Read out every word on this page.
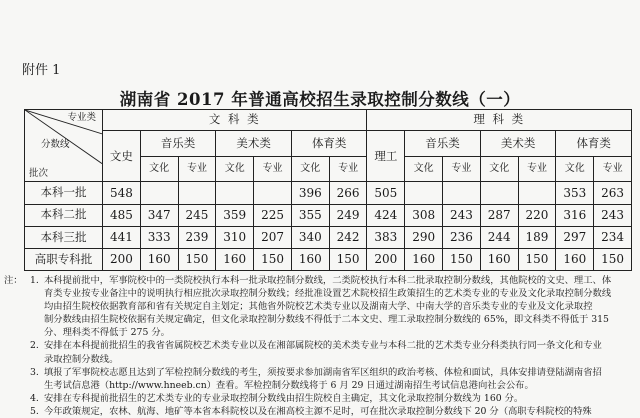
附件 1
湖南省 2017 年普通高校招生录取控制分数线（一）
专业类
分数线
批次	文 科 类							理 科 类						
	文史	音乐类		美术类		体育类		理工	音乐类		美术类		体育类	
		文化	专业	文化	专业	文化	专业		文化	专业	文化	专业	文化	专业
本科一批	548					396	266	505					353	263
本科二批	485	347	245	359	225	355	249	424	308	243	287	220	316	243
本科三批	441	333	239	310	207	340	242	383	290	236	244	189	297	234
高职专科批	200	160	150	160	150	160	150	200	160	150	160	150	160	150
注： 1. 本科提前批中，军事院校中的一类院校执行本科一批录取控制分数线，二类院校执行本科二批录取控制分数线，其他院校的文史、理工、体
育类专业按专业备注中的说明执行相应批次录取控制分数线；经批准设置艺术院校招生政策招生的艺术类专业的专业及文化录取控制分数线
均由招生院校依据教育部和省有关规定自主划定；其他省外院校艺术类专业以及湖南大学、中南大学的音乐类专业的专业及文化录取控
制分数线由招生院校依据有关规定确定，但文化录取控制分数线不得低于二本文史、理工录取控制分数线的 65%，即文科类不得低于 315
分、理科类不得低于 275 分。
2. 安排在本科提前批招生的我省省属院校艺术类专业以及在湘部属院校的美术类专业与本科二批的艺术类专业分科类执行同一条文化和专业
录取控制分数线。
3. 填报了军事院校志愿且达到了军检控制分数线的考生，须按要求参加湖南省军区组织的政治考核、体检和面试，具体安排请登陆湖南省招
生考试信息港（http://www.hneeb.cn）查看。军检控制分数线将于 6 月 29 日通过湖南招生考试信息港向社会公布。
4. 安排在专科提前批招生的艺术类专业的专业录取控制分数线由招生院校自主确定，其文化录取控制分数线为 160 分。
5. 今年政策规定，农林、航海、地矿等本省本科院校以及在湘高校主源不足时，可在批次录取控制分数线下 20 分（高职专科院校的特殊
